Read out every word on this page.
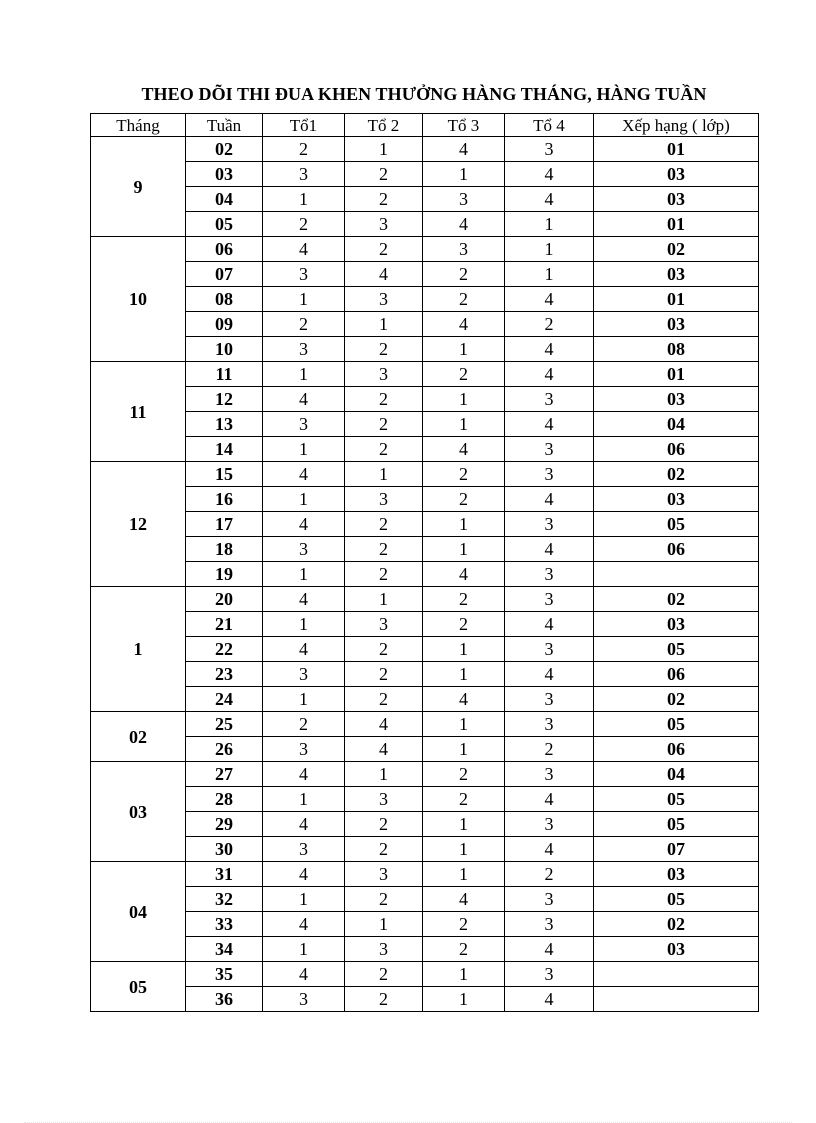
THEO DÕI THI ĐUA KHEN THƯỞNG HÀNG THÁNG, HÀNG TUẦN
Tháng	Tuần	Tổ1	Tổ 2	Tổ 3	Tổ 4	Xếp hạng ( lớp)
9	02	2	1	4	3	01
	03	3	2	1	4	03
	04	1	2	3	4	03
	05	2	3	4	1	01
10	06	4	2	3	1	02
	07	3	4	2	1	03
	08	1	3	2	4	01
	09	2	1	4	2	03
	10	3	2	1	4	08
11	11	1	3	2	4	01
	12	4	2	1	3	03
	13	3	2	1	4	04
	14	1	2	4	3	06
12	15	4	1	2	3	02
	16	1	3	2	4	03
	17	4	2	1	3	05
	18	3	2	1	4	06
	19	1	2	4	3	
1	20	4	1	2	3	02
	21	1	3	2	4	03
	22	4	2	1	3	05
	23	3	2	1	4	06
	24	1	2	4	3	02
02	25	2	4	1	3	05
	26	3	4	1	2	06
03	27	4	1	2	3	04
	28	1	3	2	4	05
	29	4	2	1	3	05
	30	3	2	1	4	07
04	31	4	3	1	2	03
	32	1	2	4	3	05
	33	4	1	2	3	02
	34	1	3	2	4	03
05	35	4	2	1	3	
	36	3	2	1	4	
